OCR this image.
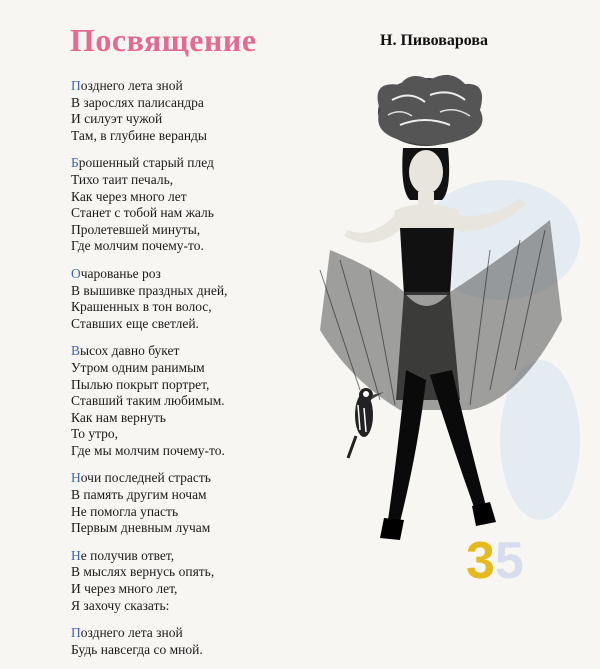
Посвящение	Н. Пивоварова
Позднего лета зной
В зарослях палисандра
И силуэт чужой
Там, в глубине веранды
Брошенный старый плед
Тихо таит печаль,
Как через много лет
Станет с тобой нам жаль
Пролетевшей минуты,
Где молчим почему-то.
Очарованье роз
В вышивке праздных дней,
Крашенных в тон волос,
Ставших еще светлей.
Высох давно букет
Утром одним ранимым
Пылью покрыт портрет,
Ставший таким любимым.
Как нам вернуть
То утро,
Где мы молчим почему-то.
Ночи последней страсть
В память другим ночам
Не помогла упасть
Первым дневным лучам
Не получив ответ,
В мыслях вернусь опять,
И через много лет,
Я захочу сказать:
Позднего лета зной
Будь навсегда со мной.
35
